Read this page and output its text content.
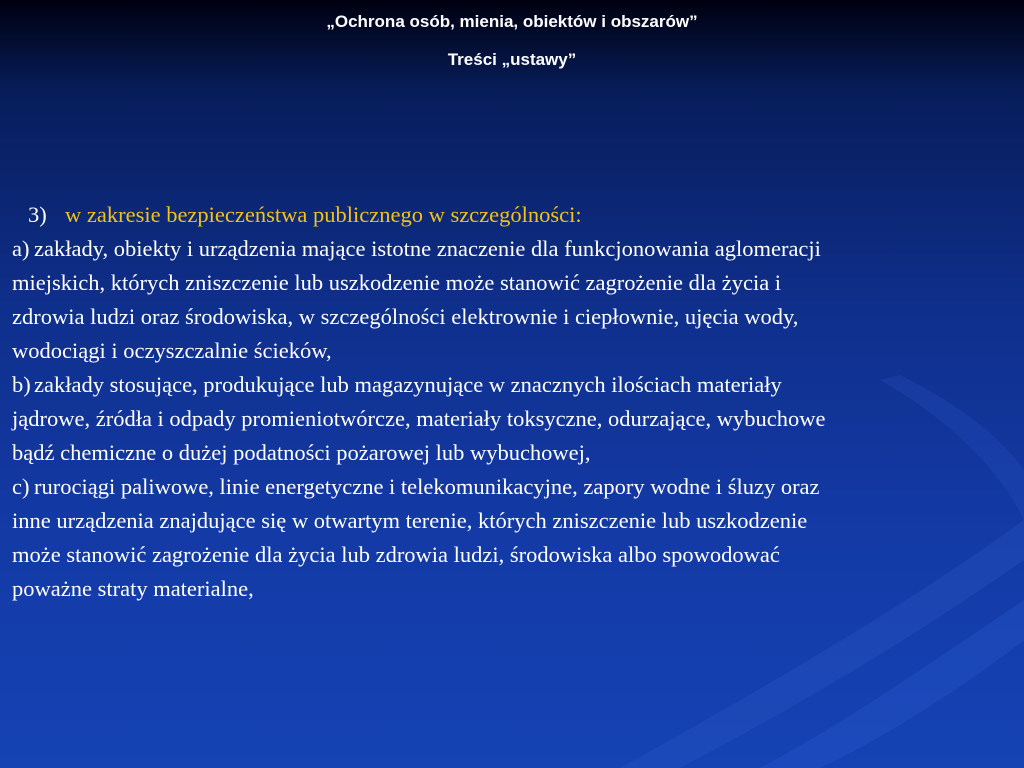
„Ochrona osób, mienia, obiektów i obszarów”
Treści „ustawy”
3) w zakresie bezpieczeństwa publicznego w szczególności:
a) zakłady, obiekty i urządzenia mające istotne znaczenie dla funkcjonowania aglomeracji
miejskich, których zniszczenie lub uszkodzenie może stanowić zagrożenie dla życia i
zdrowia ludzi oraz środowiska, w szczególności elektrownie i ciepłownie, ujęcia wody,
wodociągi i oczyszczalnie ścieków,
b) zakłady stosujące, produkujące lub magazynujące w znacznych ilościach materiały
jądrowe, źródła i odpady promieniotwórcze, materiały toksyczne, odurzające, wybuchowe
bądź chemiczne o dużej podatności pożarowej lub wybuchowej,
c) rurociągi paliwowe, linie energetyczne i telekomunikacyjne, zapory wodne i śluzy oraz
inne urządzenia znajdujące się w otwartym terenie, których zniszczenie lub uszkodzenie
może stanowić zagrożenie dla życia lub zdrowia ludzi, środowiska albo spowodować
poważne straty materialne,
